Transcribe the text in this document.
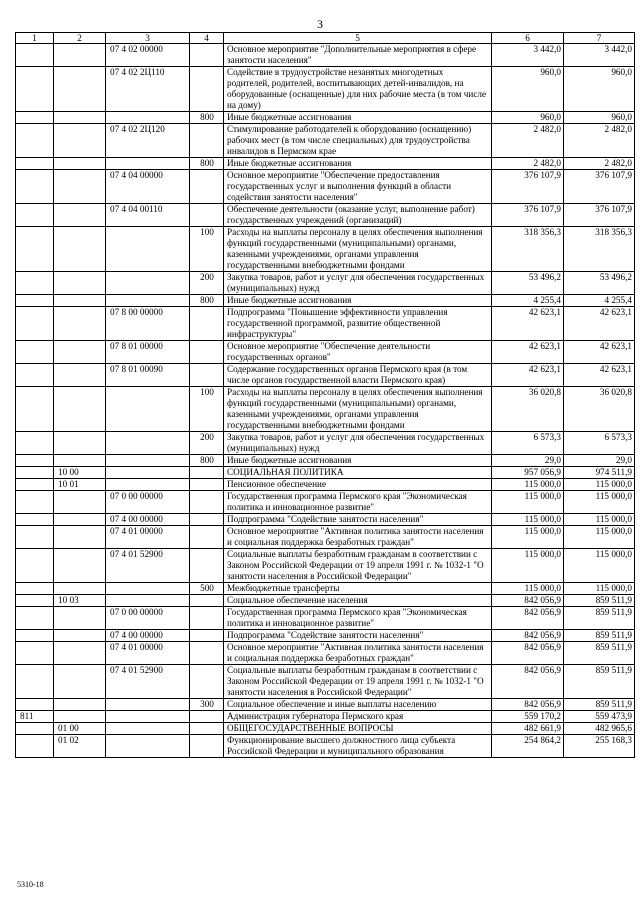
3
1	2	3	4	5	6	7
		07 4 02 00000		Основное мероприятие "Дополнительные мероприятия в сфере занятости населения"	3 442,0	3 442,0
		07 4 02 2Ц110		Содействие в трудоустройстве незанятых многодетных родителей, родителей, воспитывающих детей-инвалидов, на оборудованные (оснащенные) для них рабочие места (в том числе на дому)	960,0	960,0
			800	Иные бюджетные ассигнования	960,0	960,0
		07 4 02 2Ц120		Стимулирование работодателей к оборудованию (оснащению) рабочих мест (в том числе специальных) для трудоустройства инвалидов в Пермском крае	2 482,0	2 482,0
			800	Иные бюджетные ассигнования	2 482,0	2 482,0
		07 4 04 00000		Основное мероприятие "Обеспечение предоставления государственных услуг и выполнения функций в области содействия занятости населения"	376 107,9	376 107,9
		07 4 04 00110		Обеспечение деятельности (оказание услуг, выполнение работ) государственных учреждений (организаций)	376 107,9	376 107,9
			100	Расходы на выплаты персоналу в целях обеспечения выполнения функций государственными (муниципальными) органами, казенными учреждениями, органами управления государственными внебюджетными фондами	318 356,3	318 356,3
			200	Закупка товаров, работ и услуг для обеспечения государственных (муниципальных) нужд	53 496,2	53 496,2
			800	Иные бюджетные ассигнования	4 255,4	4 255,4
		07 8 00 00000		Подпрограмма "Повышение эффективности управления государственной программой, развитие общественной инфраструктуры"	42 623,1	42 623,1
		07 8 01 00000		Основное мероприятие "Обеспечение деятельности государственных органов"	42 623,1	42 623,1
		07 8 01 00090		Содержание государственных органов Пермского края (в том числе органов государственной власти Пермского края)	42 623,1	42 623,1
			100	Расходы на выплаты персоналу в целях обеспечения выполнения функций государственными (муниципальными) органами, казенными учреждениями, органами управления государственными внебюджетными фондами	36 020,8	36 020,8
			200	Закупка товаров, работ и услуг для обеспечения государственных (муниципальных) нужд	6 573,3	6 573,3
			800	Иные бюджетные ассигнования	29,0	29,0
	10 00			СОЦИАЛЬНАЯ ПОЛИТИКА	957 056,9	974 511,9
	10 01			Пенсионное обеспечение	115 000,0	115 000,0
		07 0 00 00000		Государственная программа Пермского края "Экономическая политика и инновационное развитие"	115 000,0	115 000,0
		07 4 00 00000		Подпрограмма "Содействие занятости населения"	115 000,0	115 000,0
		07 4 01 00000		Основное мероприятие "Активная политика занятости населения и социальная поддержка безработных граждан"	115 000,0	115 000,0
		07 4 01 52900		Социальные выплаты безработным гражданам в соответствии с Законом Российской Федерации от 19 апреля 1991 г. № 1032-1 "О занятости населения в Российской Федерации"	115 000,0	115 000,0
			500	Межбюджетные трансферты	115 000,0	115 000,0
	10 03			Социальное обеспечение населения	842 056,9	859 511,9
		07 0 00 00000		Государственная программа Пермского края "Экономическая политика и инновационное развитие"	842 056,9	859 511,9
		07 4 00 00000		Подпрограмма "Содействие занятости населения"	842 056,9	859 511,9
		07 4 01 00000		Основное мероприятие "Активная политика занятости населения и социальная поддержка безработных граждан"	842 056,9	859 511,9
		07 4 01 52900		Социальные выплаты безработным гражданам в соответствии с Законом Российской Федерации от 19 апреля 1991 г. № 1032-1 "О занятости населения в Российской Федерации"	842 056,9	859 511,9
			300	Социальное обеспечение и иные выплаты населению	842 056,9	859 511,9
811				Администрация губернатора Пермского края	559 170,2	559 473,9
	01 00			ОБЩЕГОСУДАРСТВЕННЫЕ ВОПРОСЫ	482 661,9	482 965,6
	01 02			Функционирование высшего должностного лица субъекта Российской Федерации и муниципального образования	254 864,2	255 168,3
5310-18
